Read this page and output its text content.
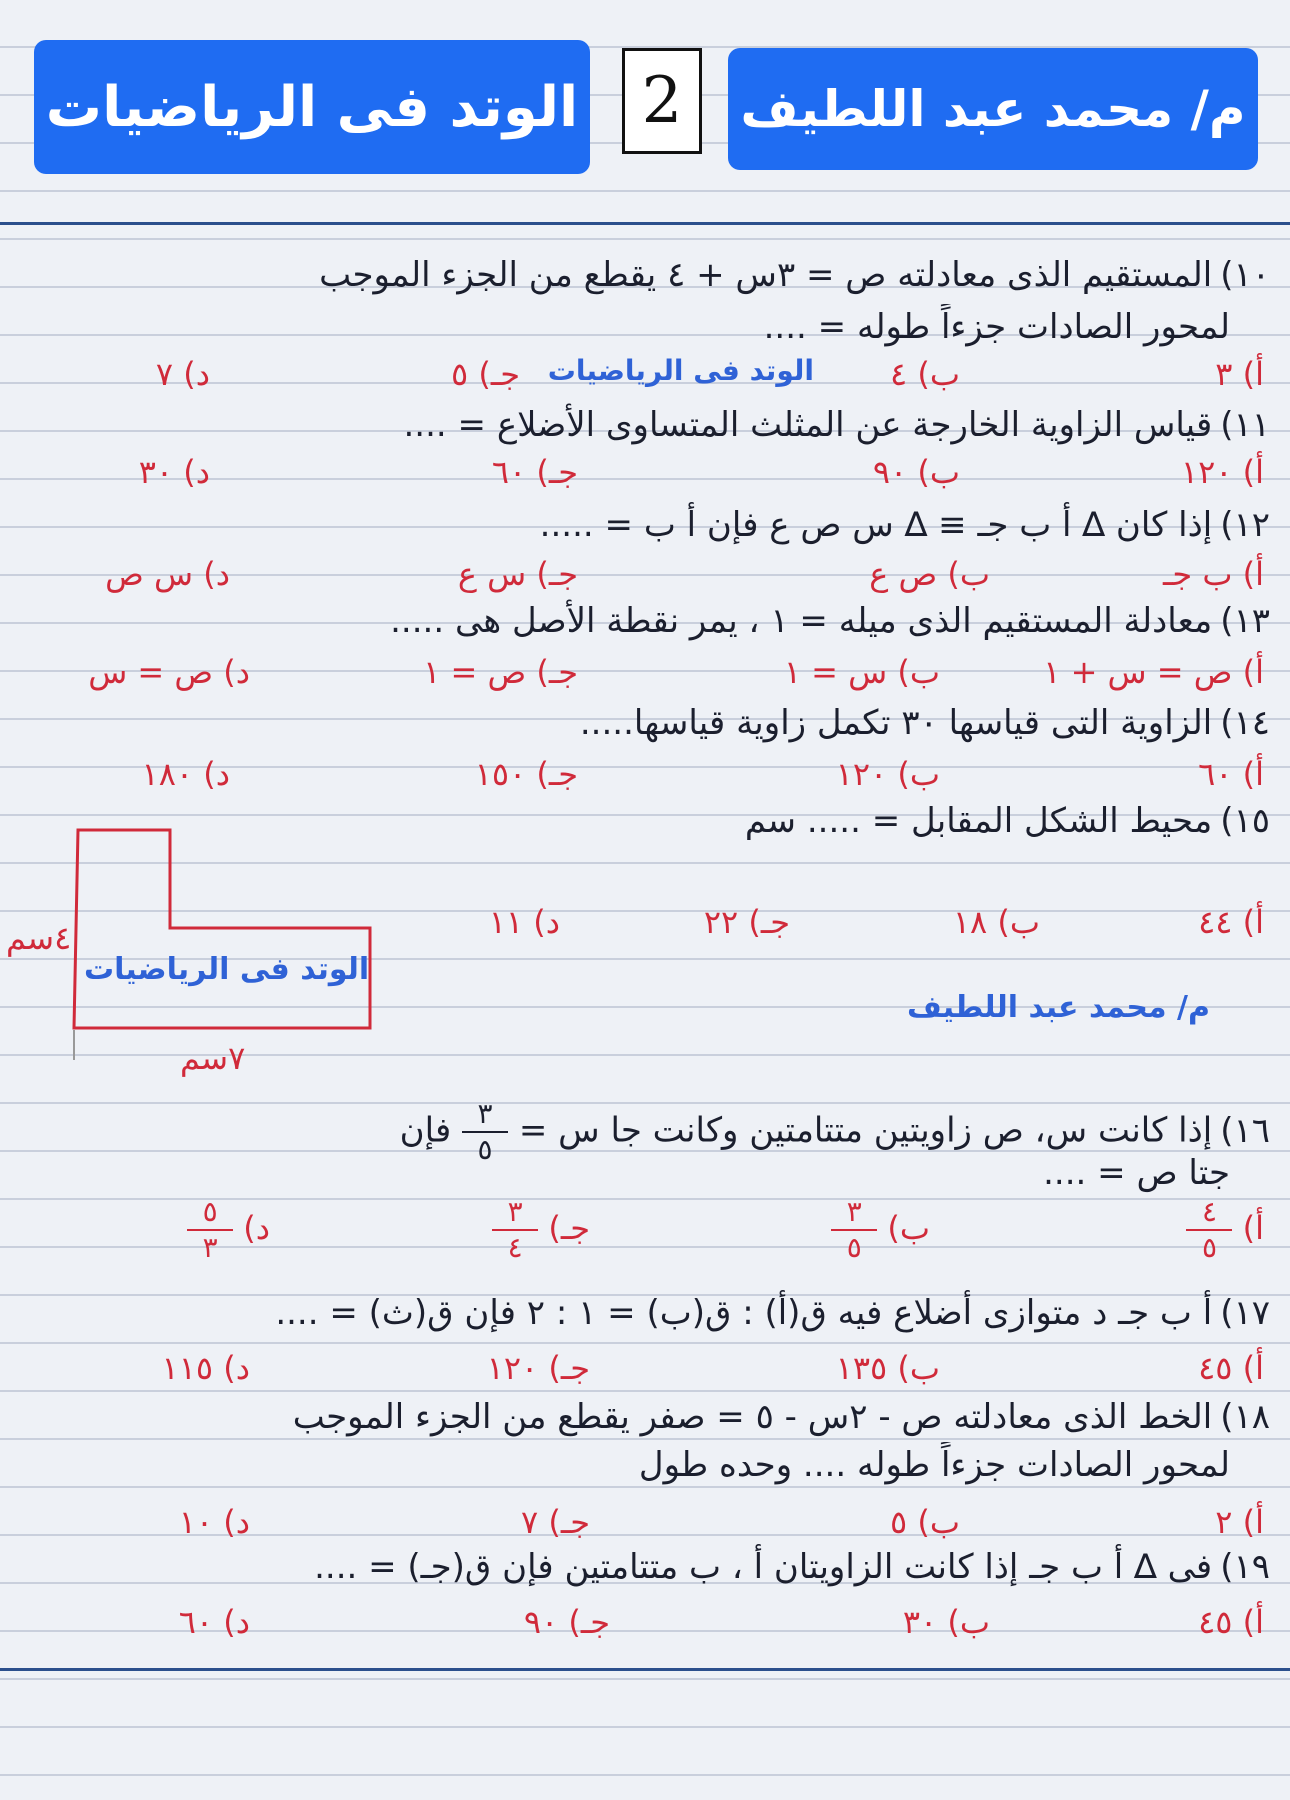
الوتد فى الرياضيات 2 م/ محمد عبد اللطيف
١٠)المستقيم الذى معادلته ص = ٣س + ٤ يقطع من الجزء الموجب
لمحور الصادات جزءاً طوله = ....
أ) ٣
ب) ٤
جـ) ٥
د) ٧	الوتد فى الرياضيات
١١)قياس الزاوية الخارجة عن المثلث المتساوى الأضلاع = ....
أ) ١٢٠
ب) ٩٠
جـ) ٦٠
د) ٣٠
١٢)إذا كان ∆ أ ب جـ ≡ ∆ س ص ع فإن أ ب = .....
أ) ب جـ
ب) ص ع
جـ) س ع
د) س ص
١٣)معادلة المستقيم الذى ميله = ١ ، يمر نقطة الأصل هى .....
أ) ص = س + ١
ب) س = ١
جـ) ص = ١
د) ص = س
١٤)الزاوية التى قياسها ٣٠ تكمل زاوية قياسها.....
أ) ٦٠
ب) ١٢٠
جـ) ١٥٠
د) ١٨٠
١٥)محيط الشكل المقابل = ..... سم
أ) ٤٤
ب) ١٨
جـ) ٢٢
د) ١١
٤سم
٧سم
الوتد فى الرياضيات
م/ محمد عبد اللطيف
١٦)إذا كانت س، ص زاويتين متتامتين وكانت جا س =
$\frac{٣}{٥}$
فإن
جتا ص = ....
أ)
$\frac{٤}{٥}$
ب)
$\frac{٣}{٥}$
جـ)
$\frac{٣}{٤}$
د)
$\frac{٥}{٣}$
١٧)أ ب جـ د متوازى أضلاع فيه ق(أ) : ق(ب) = ١ : ٢ فإن ق(ث) = ....
أ) ٤٥
ب) ١٣٥
جـ) ١٢٠
د) ١١٥
١٨)الخط الذى معادلته ص - ٢س - ٥ = صفر يقطع من الجزء الموجب
لمحور الصادات جزءاً طوله .... وحده طول
أ) ٢
ب) ٥
جـ) ٧
د) ١٠
١٩)فى ∆ أ ب جـ إذا كانت الزاويتان أ ، ب متتامتين فإن ق(جـ) = ....
أ) ٤٥
ب) ٣٠
جـ) ٩٠
د) ٦٠
